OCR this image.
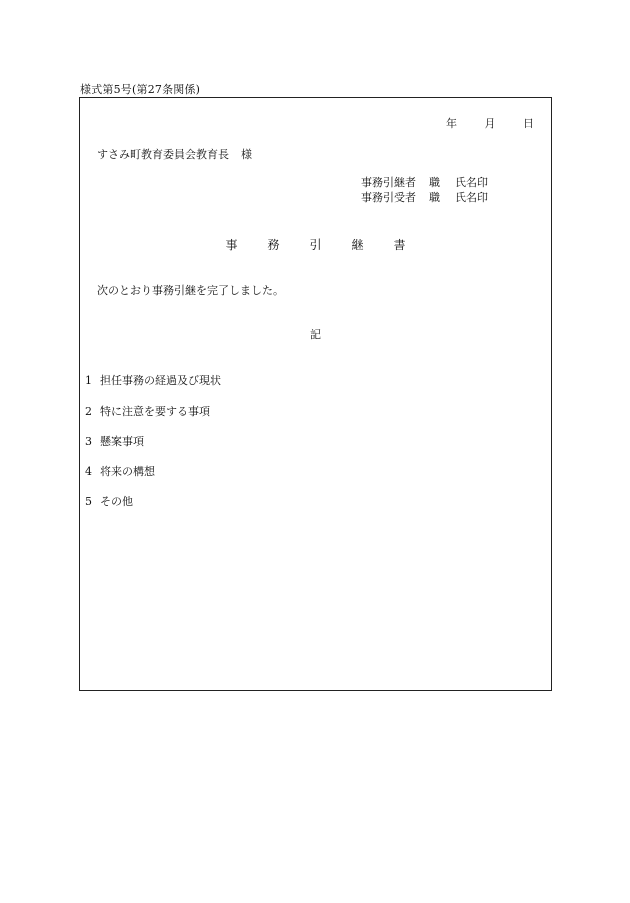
様式第5号(第27条関係)
年	月	日
すさみ町教育委員会教育長 様
事務引継者 職 氏名印
事務引受者 職 氏名印
事	務	引	継	書
次のとおり事務引継を完了しました。
記
1 担任事務の経過及び現状
2 特に注意を要する事項
3 懸案事項
4 将来の構想
5 その他
